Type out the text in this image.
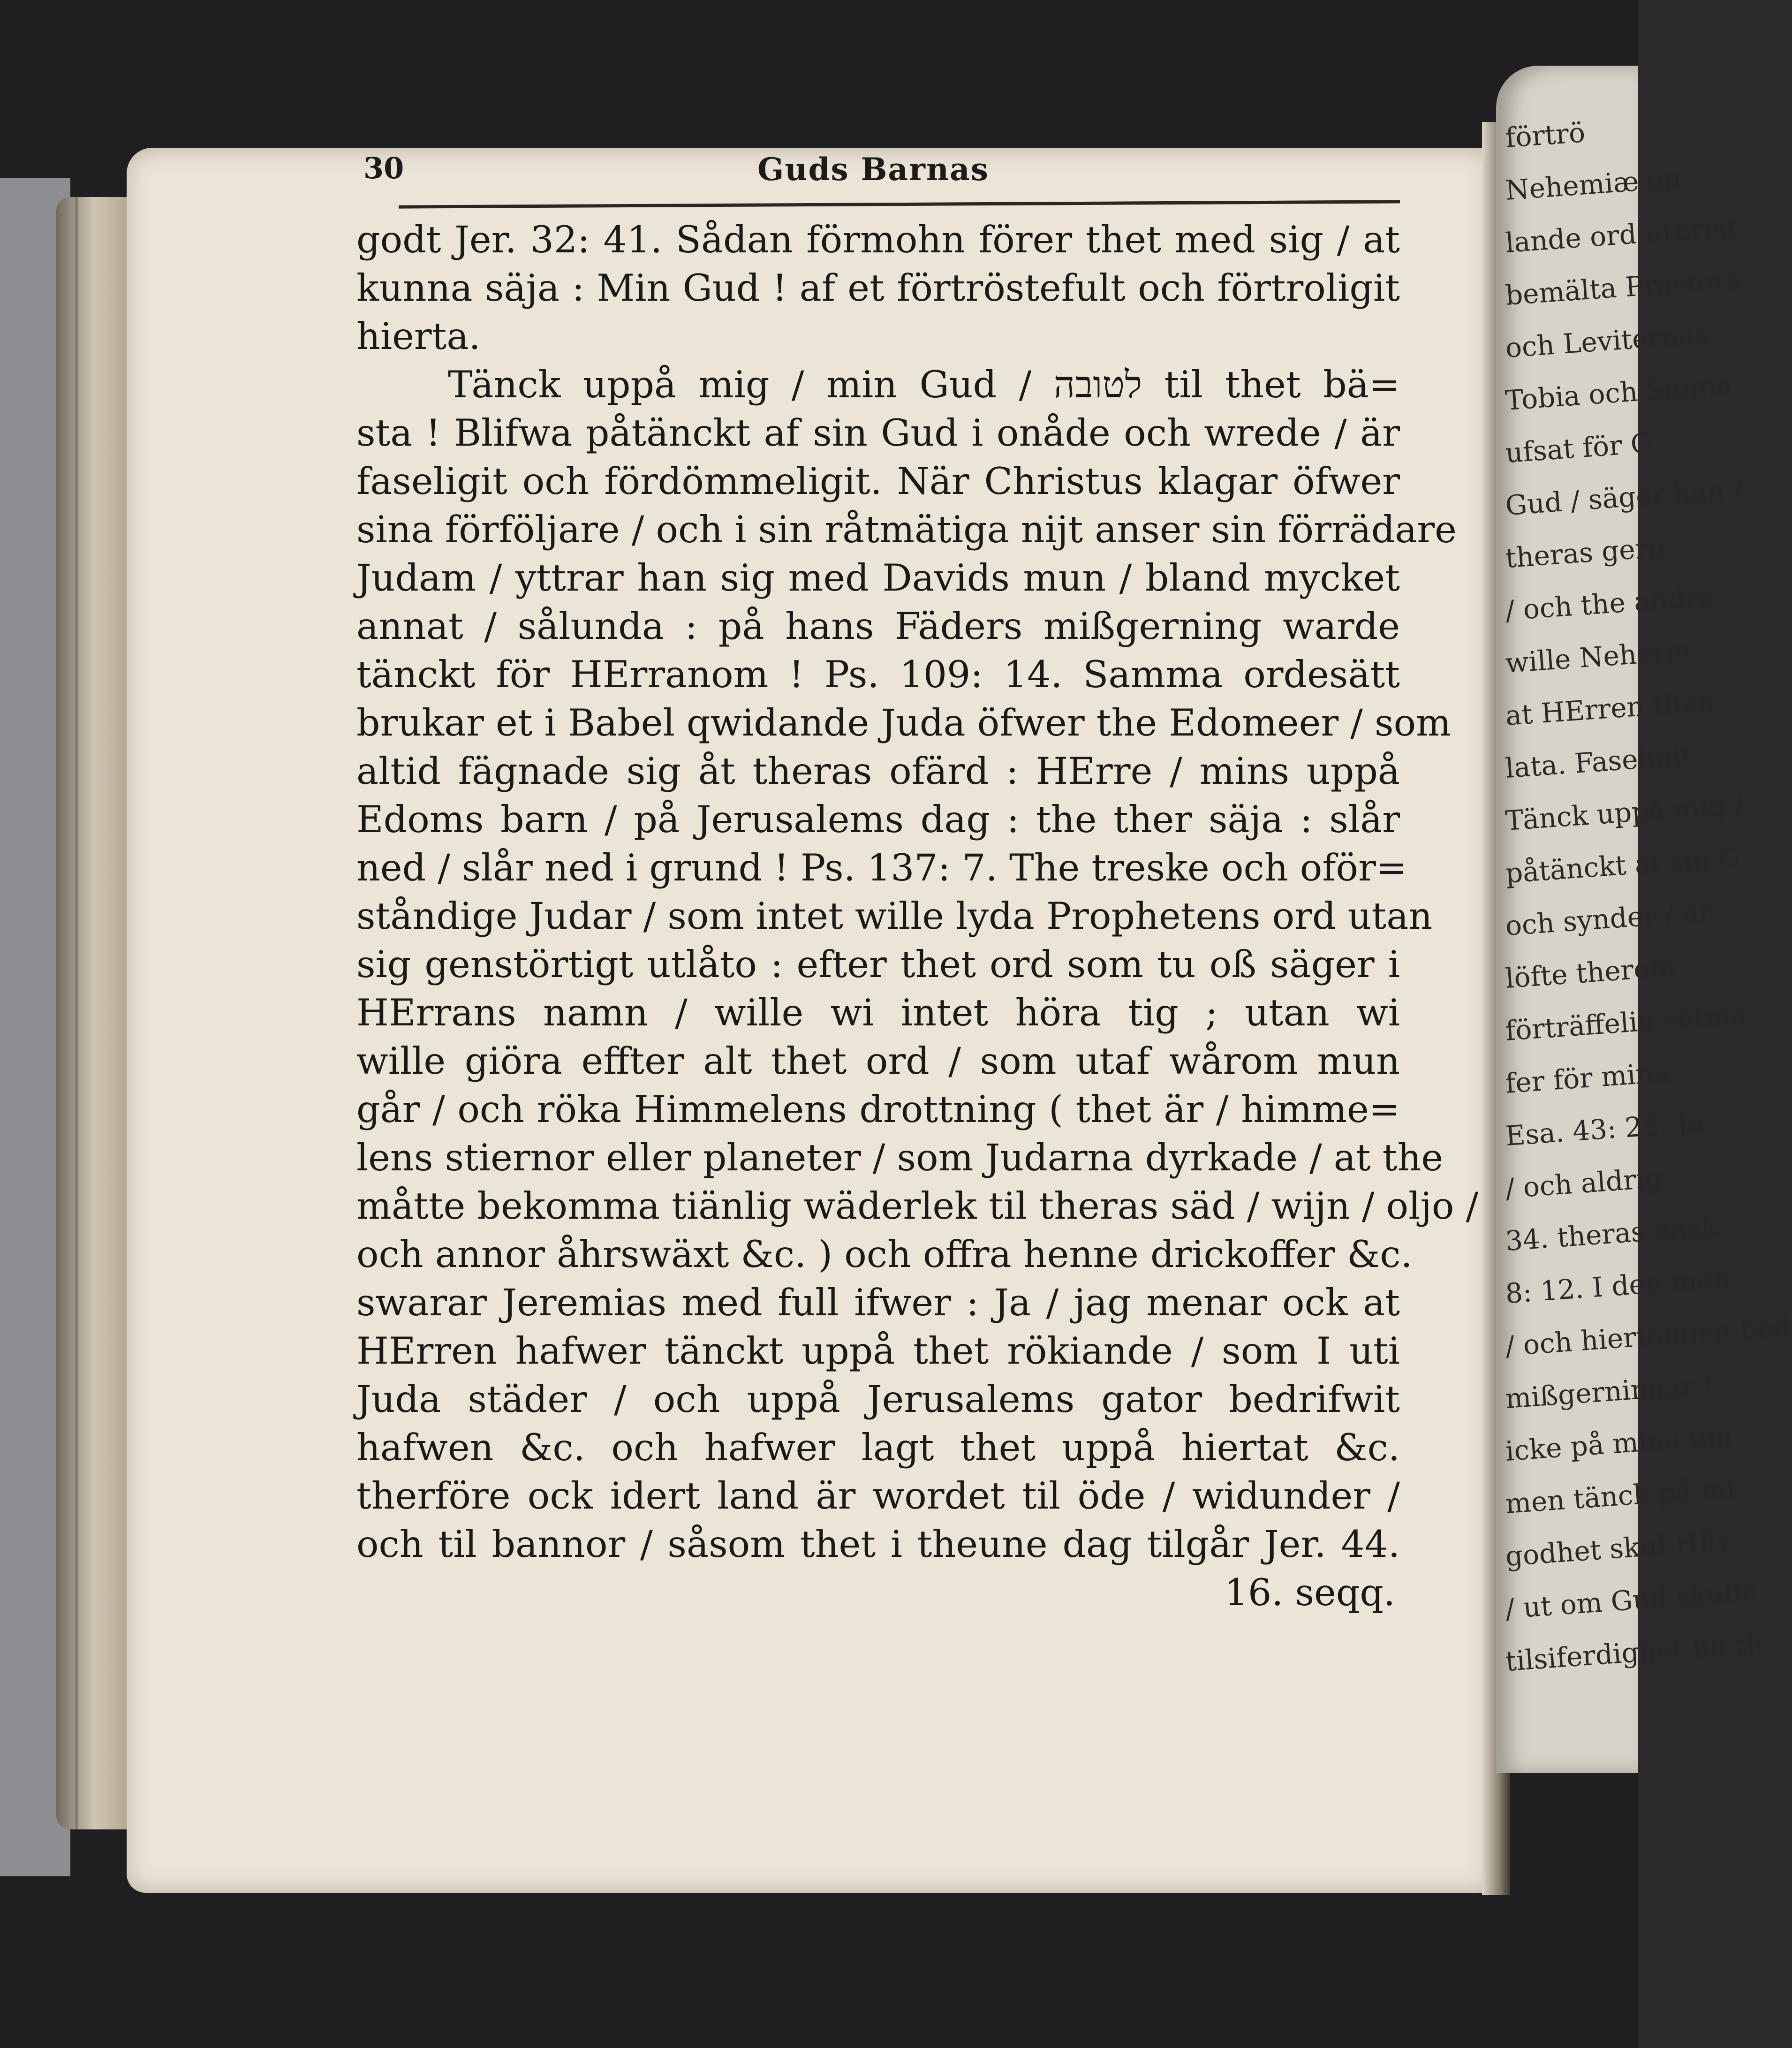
förtrö
Nehemiæ ön
lande ord utbrist
bemälta Prästers
och Leviternas
Tobia och Sanna
ufsat för G
Gud / säger han /
theras gern
/ och the andra
wille Neherm.
at HErren then
lata. Faseligit
Tänck uppå mig /
påtänckt af sin G
och synder / är
löfte therom
förträffelig sötma
fer för mina
Esa. 43: 25. Ja
/ och aldrig
34. theras onsk
8: 12. I den men
/ och hierteligen bed
mißgerningar !
icke på mina um
men tänck på mi
godhet skul HEr
/ ut om Gud skulle
tilsiferdighet bli th
30	Guds Barnas
godt Jer. 32: 41. Sådan förmohn förer thet med sig / at
kunna säja : Min Gud ! af et förtröstefult och förtroligit
hierta.
Tänck uppå mig / min Gud / לטובה til thet bä=
sta ! Blifwa påtänckt af sin Gud i onåde och wrede / är
faseligit och fördömmeligit. När Christus klagar öfwer
sina förföljare / och i sin råtmätiga nijt anser sin förrädare
Judam / yttrar han sig med Davids mun / bland myc​ket
annat / sålunda : på hans Fäders mißgerning warde
tänckt för HErranom ! Ps. 109: 14. Samma ordesätt
brukar et i Babel qwidande Juda öfwer the Edomeer / som
altid fägnade sig åt theras ofärd : HErre / mins uppå
Edoms barn / på Jerusalems dag : the ther säja : slår
ned / slår ned i grund ! Ps. 137: 7. The treske och oför=
ståndige Judar / som intet wille lyda Prophetens ord utan
sig genstörtigt utlåto : efter thet ord som tu oß säger i
HErrans namn / wille wi intet höra tig ; utan wi
wille giöra effter alt thet ord / som utaf wårom mun
går / och röka Himmelens drottning ( thet är / himme=
lens stiernor eller planeter / som Judarna dyrkade / at the
måtte bekomma tiänlig wäderlek til theras säd / wijn / oljo /
och annor åhrswäxt &c. ) och offra henne drickoffer &c.
swarar Jeremias med full ifwer : Ja / jag menar ock at
HErren hafwer tänckt uppå thet rökiande / som I uti
Juda städer / och uppå Jerusalems gator bedrifwit
hafwen &c. och hafwer lagt thet uppå hiertat &c.
therföre ock idert land är wordet til öde / widunder /
och til bannor / såsom thet i theune dag tilgår Jer. 44.
16. seqq.
